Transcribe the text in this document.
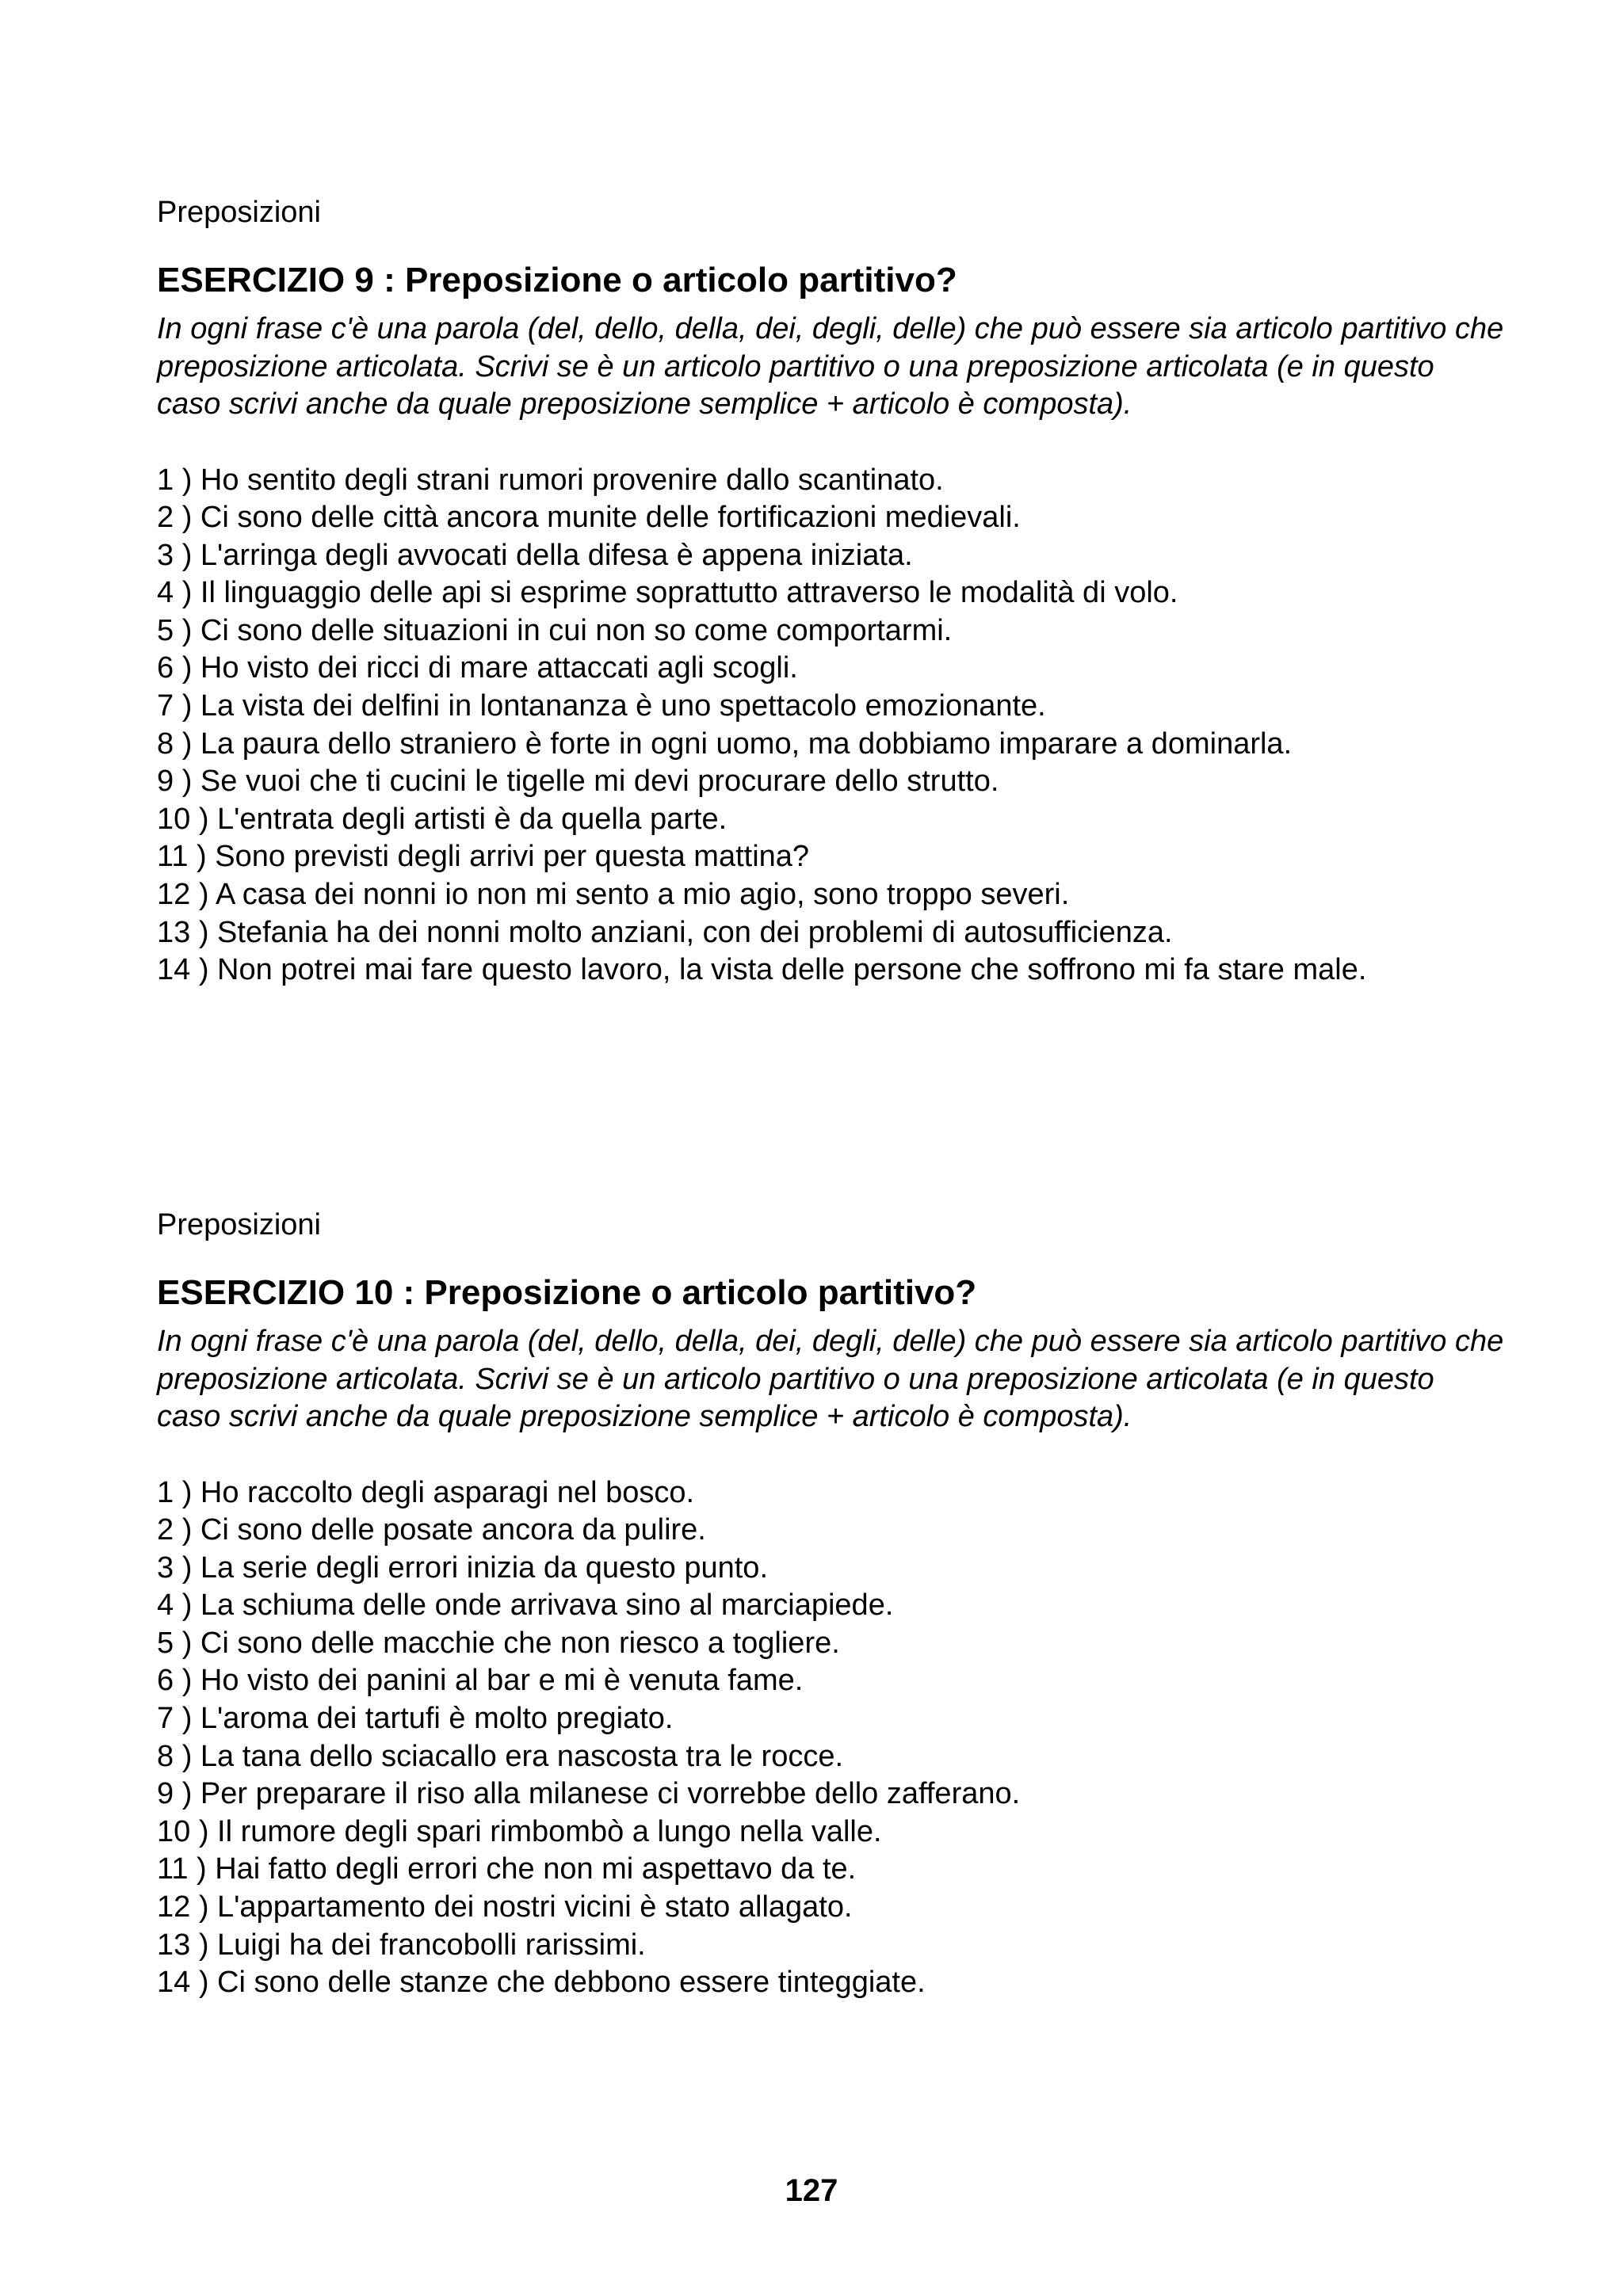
Preposizioni

ESERCIZIO 9 : Preposizione o articolo partitivo?

In ogni frase c'è una parola (del, dello, della, dei, degli, delle) che può essere sia articolo partitivo che preposizione articolata. Scrivi se è un articolo partitivo o una preposizione articolata (e in questo caso scrivi anche da quale preposizione semplice + articolo è composta).

1 ) Ho sentito degli strani rumori provenire dallo scantinato.
2 ) Ci sono delle città ancora munite delle fortificazioni medievali.
3 ) L'arringa degli avvocati della difesa è appena iniziata.
4 ) Il linguaggio delle api si esprime soprattutto attraverso le modalità di volo.
5 ) Ci sono delle situazioni in cui non so come comportarmi.
6 ) Ho visto dei ricci di mare attaccati agli scogli.
7 ) La vista dei delfini in lontananza è uno spettacolo emozionante.
8 ) La paura dello straniero è forte in ogni uomo, ma dobbiamo imparare a dominarla.
9 ) Se vuoi che ti cucini le tigelle mi devi procurare dello strutto.
10 ) L'entrata degli artisti è da quella parte.
11 ) Sono previsti degli arrivi per questa mattina?
12 ) A casa dei nonni io non mi sento a mio agio, sono troppo severi.
13 ) Stefania ha dei nonni molto anziani, con dei problemi di autosufficienza.
14 ) Non potrei mai fare questo lavoro, la vista delle persone che soffrono mi fa stare male.

Preposizioni

ESERCIZIO 10 : Preposizione o articolo partitivo?

In ogni frase c'è una parola (del, dello, della, dei, degli, delle) che può essere sia articolo partitivo che preposizione articolata. Scrivi se è un articolo partitivo o una preposizione articolata (e in questo caso scrivi anche da quale preposizione semplice + articolo è composta).

1 ) Ho raccolto degli asparagi nel bosco.
2 ) Ci sono delle posate ancora da pulire.
3 ) La serie degli errori inizia da questo punto.
4 ) La schiuma delle onde arrivava sino al marciapiede.
5 ) Ci sono delle macchie che non riesco a togliere.
6 ) Ho visto dei panini al bar e mi è venuta fame.
7 ) L'aroma dei tartufi è molto pregiato.
8 ) La tana dello sciacallo era nascosta tra le rocce.
9 ) Per preparare il riso alla milanese ci vorrebbe dello zafferano.
10 ) Il rumore degli spari rimbombò a lungo nella valle.
11 ) Hai fatto degli errori che non mi aspettavo da te.
12 ) L'appartamento dei nostri vicini è stato allagato.
13 ) Luigi ha dei francobolli rarissimi.
14 ) Ci sono delle stanze che debbono essere tinteggiate.
127
